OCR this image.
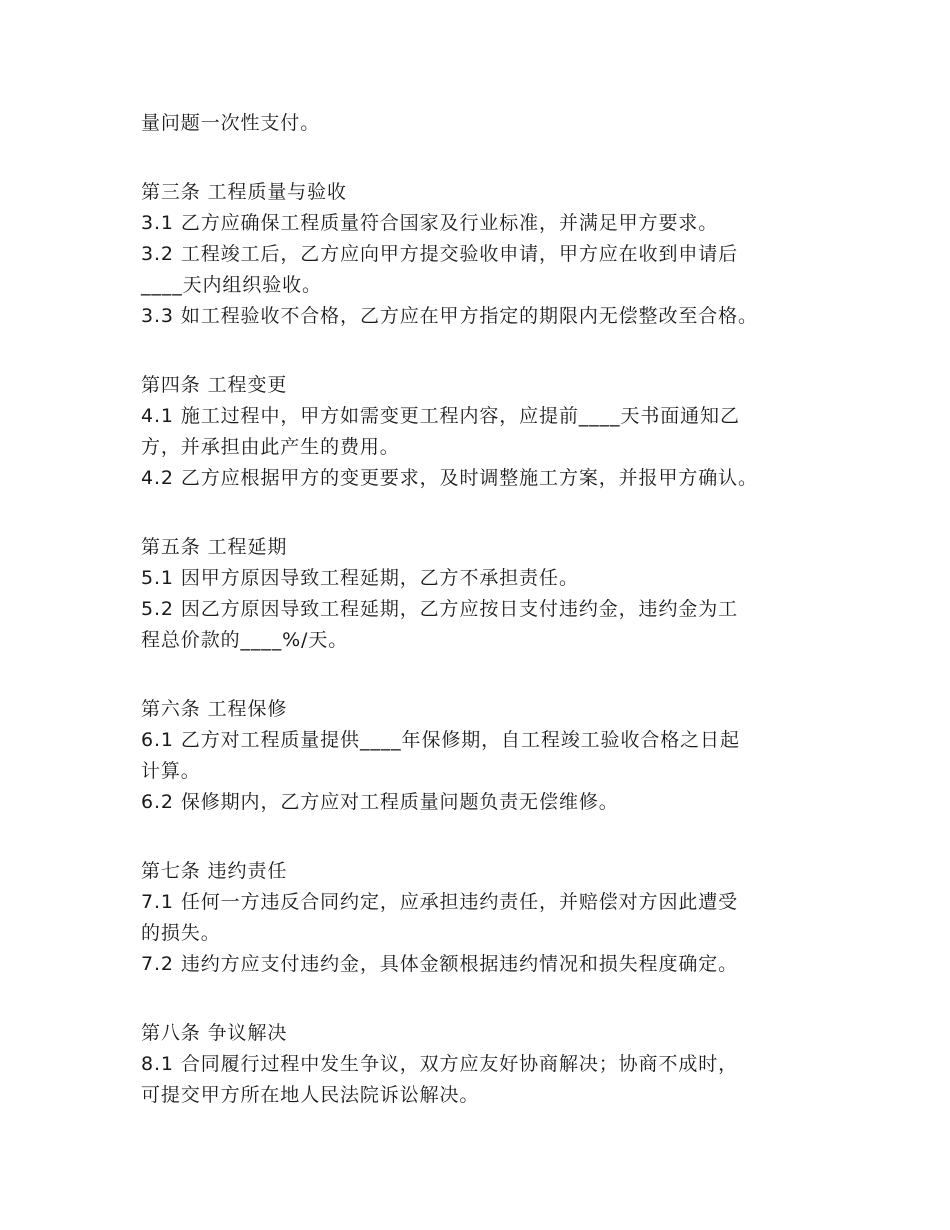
量问题一次性支付。

第三条 工程质量与验收

3.1 乙方应确保工程质量符合国家及行业标准，并满足甲方要求。

3.2 工程竣工后，乙方应向甲方提交验收申请，甲方应在收到申请后

____天内组织验收。

3.3 如工程验收不合格，乙方应在甲方指定的期限内无偿整改至合格。

第四条 工程变更

4.1 施工过程中，甲方如需变更工程内容，应提前____天书面通知乙

方，并承担由此产生的费用。

4.2 乙方应根据甲方的变更要求，及时调整施工方案，并报甲方确认。

第五条 工程延期

5.1 因甲方原因导致工程延期，乙方不承担责任。

5.2 因乙方原因导致工程延期，乙方应按日支付违约金，违约金为工

程总价款的____%/天。

第六条 工程保修

6.1 乙方对工程质量提供____年保修期，自工程竣工验收合格之日起

计算。

6.2 保修期内，乙方应对工程质量问题负责无偿维修。

第七条 违约责任

7.1 任何一方违反合同约定，应承担违约责任，并赔偿对方因此遭受

的损失。

7.2 违约方应支付违约金，具体金额根据违约情况和损失程度确定。

第八条 争议解决

8.1 合同履行过程中发生争议，双方应友好协商解决；协商不成时，

可提交甲方所在地人民法院诉讼解决。
